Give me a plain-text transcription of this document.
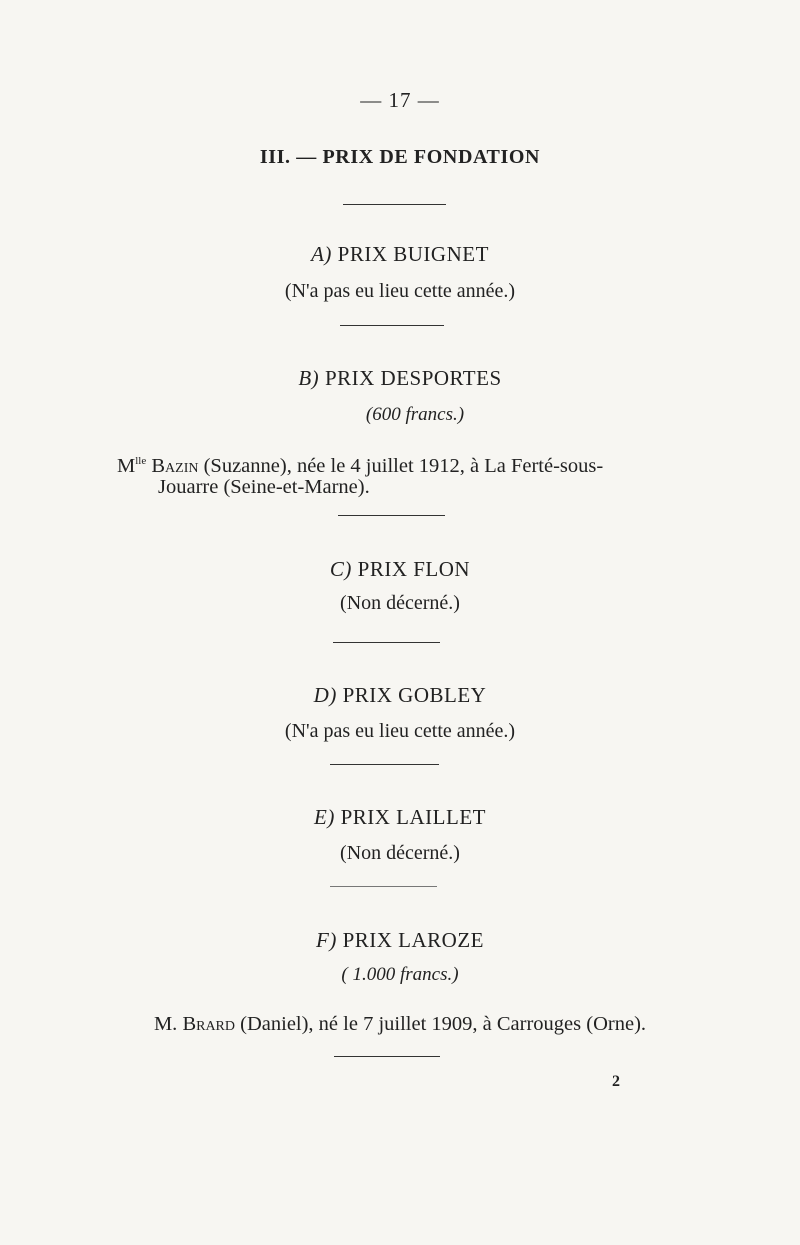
— 17 —
III. — PRIX DE FONDATION
A) PRIX BUIGNET
(N'a pas eu lieu cette année.)
B) PRIX DESPORTES
(600 francs.)
$M^{lle}$ Bazin (Suzanne), née le 4 juillet 1912, à La Ferté-sous-
Jouarre (Seine-et-Marne).
C) PRIX FLON
(Non décerné.)
D) PRIX GOBLEY
(N'a pas eu lieu cette année.)
E) PRIX LAILLET
(Non décerné.)
F) PRIX LAROZE
( 1.000 francs.)
M. Brard (Daniel), né le 7 juillet 1909, à Carrouges (Orne).
2
